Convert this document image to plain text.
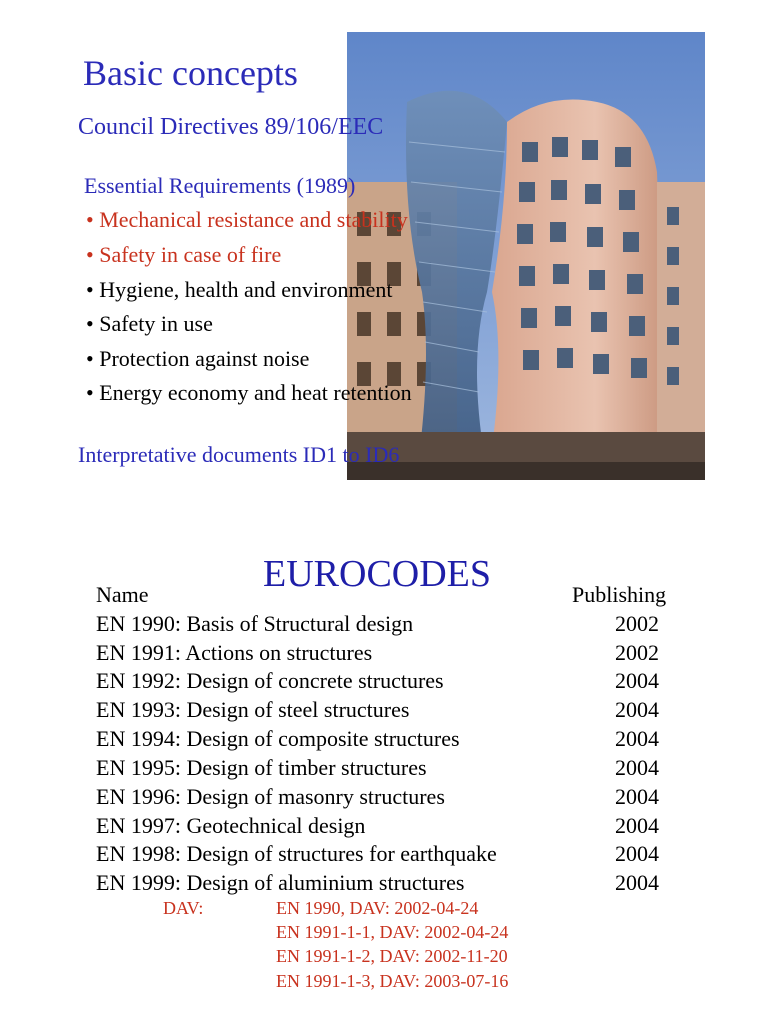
Basic concepts
Council Directives 89/106/EEC
Essential Requirements (1989)
• Mechanical resistance and stability
• Safety in case of fire
• Hygiene, health and environment
• Safety in use
• Protection against noise
• Energy economy and heat retention
Interpretative documents ID1 to ID6
EUROCODES
Name	Publishing
EN 1990: Basis of Structural design	2002
EN 1991: Actions on structures	2002
EN 1992: Design of concrete structures	2004
EN 1993: Design of steel structures	2004
EN 1994: Design of composite structures	2004
EN 1995: Design of timber structures	2004
EN 1996: Design of masonry structures	2004
EN 1997: Geotechnical design	2004
EN 1998: Design of structures for earthquake	2004
EN 1999: Design of aluminium structures	2004
DAV:	EN 1990, DAV: 2002-04-24
EN 1991-1-1, DAV: 2002-04-24
EN 1991-1-2, DAV: 2002-11-20
EN 1991-1-3, DAV: 2003-07-16
